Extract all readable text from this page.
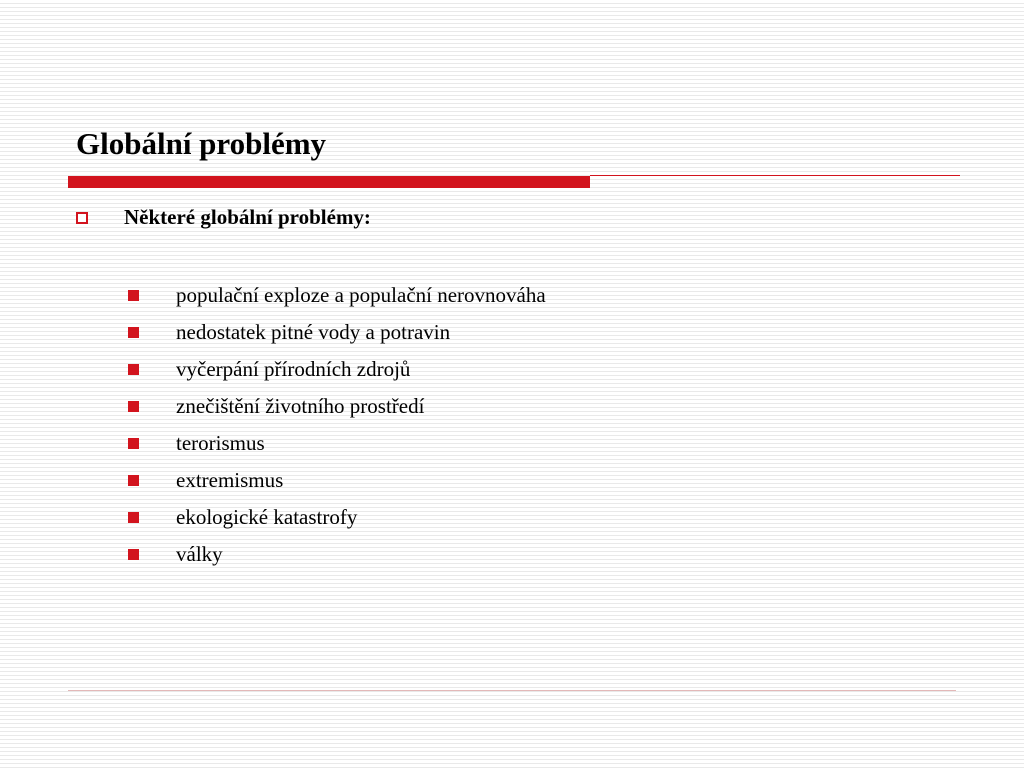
Globální problémy
Některé globální problémy:
populační exploze a populační nerovnováha
nedostatek pitné vody a potravin
vyčerpání přírodních zdrojů
znečištění životního prostředí
terorismus
extremismus
ekologické katastrofy
války
